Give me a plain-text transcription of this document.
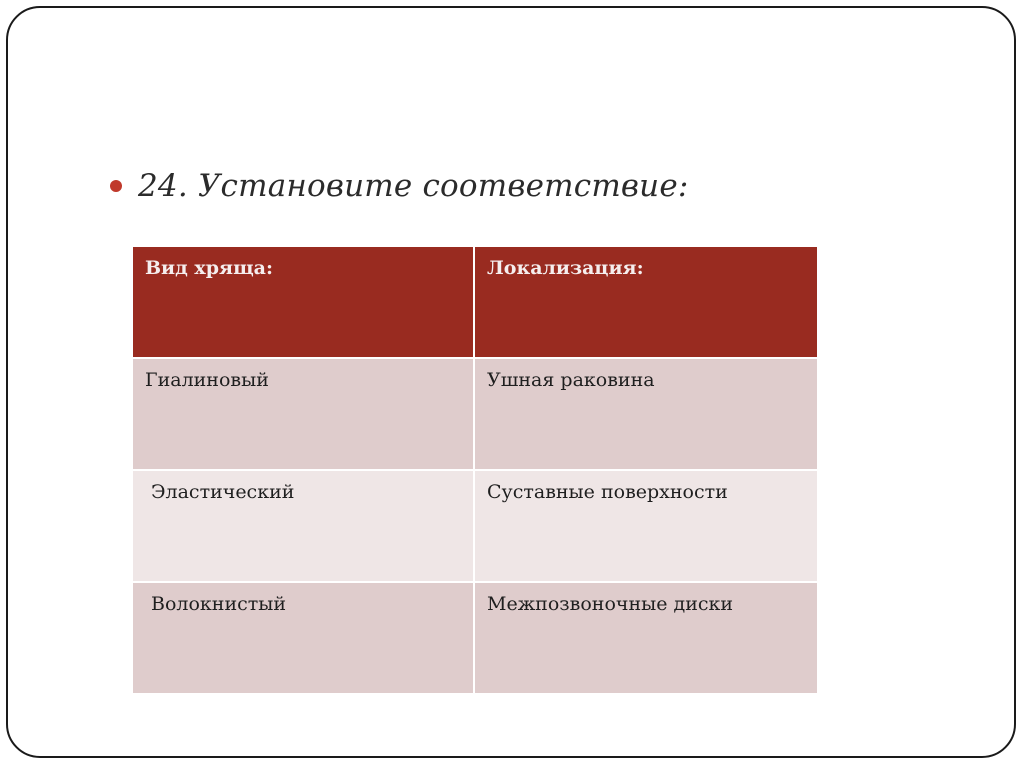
24. Установите соответствие:
Вид хряща:	Локализация:
Гиалиновый	Ушная раковина
Эластический	Суставные поверхности
Волокнистый	Межпозвоночные диски
